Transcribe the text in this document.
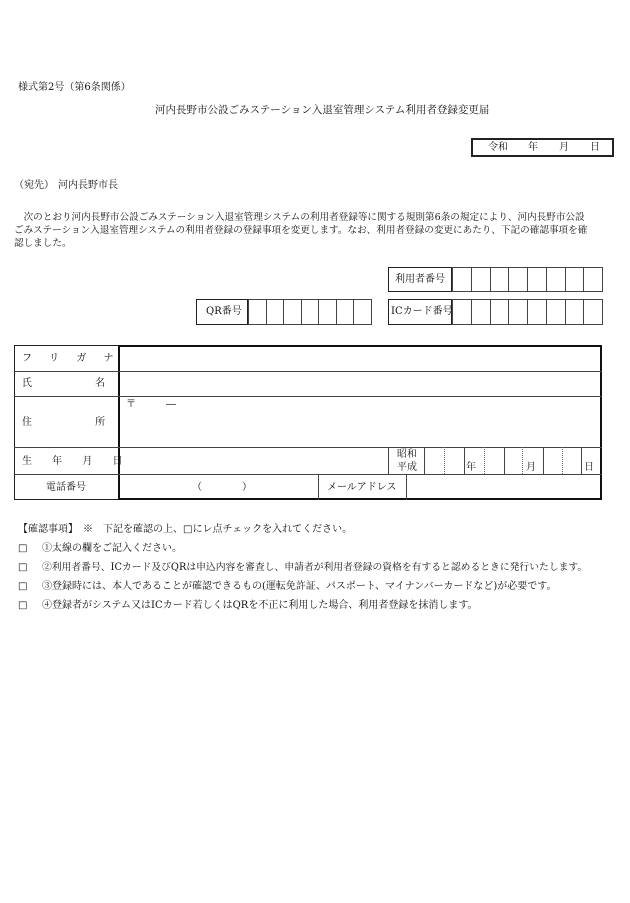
様式第2号（第6条関係）
河内長野市公設ごみステーション入退室管理システム利用者登録変更届
令和 年 月 日
（宛先） 河内長野市長
　次のとおり河内長野市公設ごみステーション入退室管理システムの利用者登録等に関する規則第6条の規定により、河内長野市公設
ごみステーション入退室管理システムの利用者登録の登録事項を変更します。なお、利用者登録の変更にあたり、下記の確認事項を確
認しました。
利用者番号
QR番号	ICカード番号
フ リ ガ ナ
氏 名
住 所
〒　　　―
生 年 月 日
昭和
平成	年	月	日
電話番号	（　　　　）	メールアドレス
【確認事項】　※　下記を確認の上、□にレ点チェックを入れてください。
□ ①太線の欄をご記入ください。
□ ②利用者番号、ICカード及びQRは申込内容を審査し、申請者が利用者登録の資格を有すると認めるときに発行いたします。
□ ③登録時には、本人であることが確認できるもの(運転免許証、パスポート、マイナンバーカードなど)が必要です。
□ ④登録者がシステム又はICカード若しくはQRを不正に利用した場合、利用者登録を抹消します。
